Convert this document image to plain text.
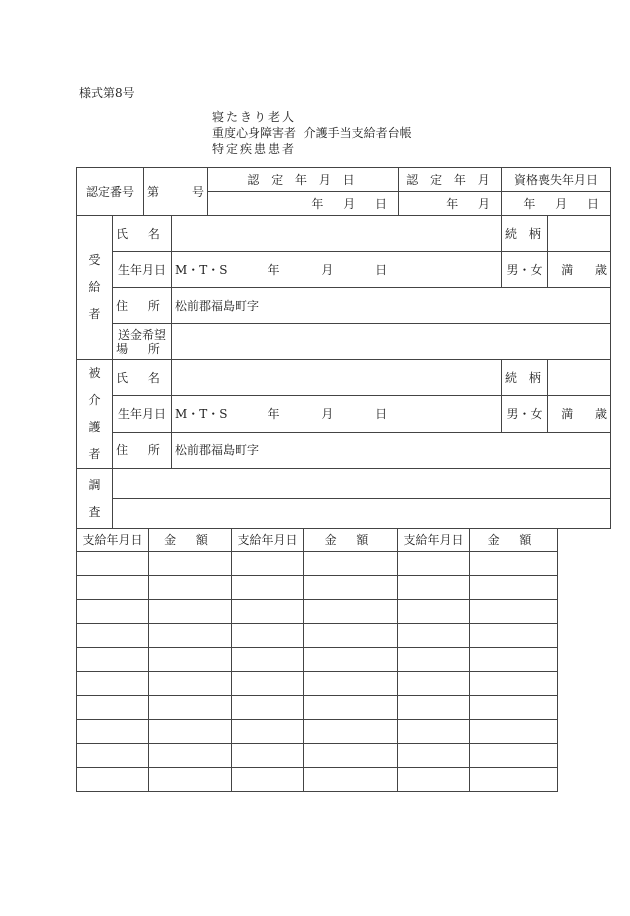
様式第8号
寝たきり老人
重度心身障害者 介護手当支給者台帳
特定疾患患者
認定番号		第 号		認 定 年 月 日	認 定 年 月	資格喪失年月日	
				年 月 日	年 月	年 月 日	
受給者	氏 名					続 柄	
	生年月日		M・T・S 年 月 日			男・女	満 歳
	住 所		松前郡福島町字				

	送金希望
場 所						

被介護者	氏 名					続 柄	
	生年月日		M・T・S 年 月 日			男・女	満 歳
	住 所		松前郡福島町字				
調査							

支給年月日	金 額	支給年月日	金 額	支給年月日	金 額
